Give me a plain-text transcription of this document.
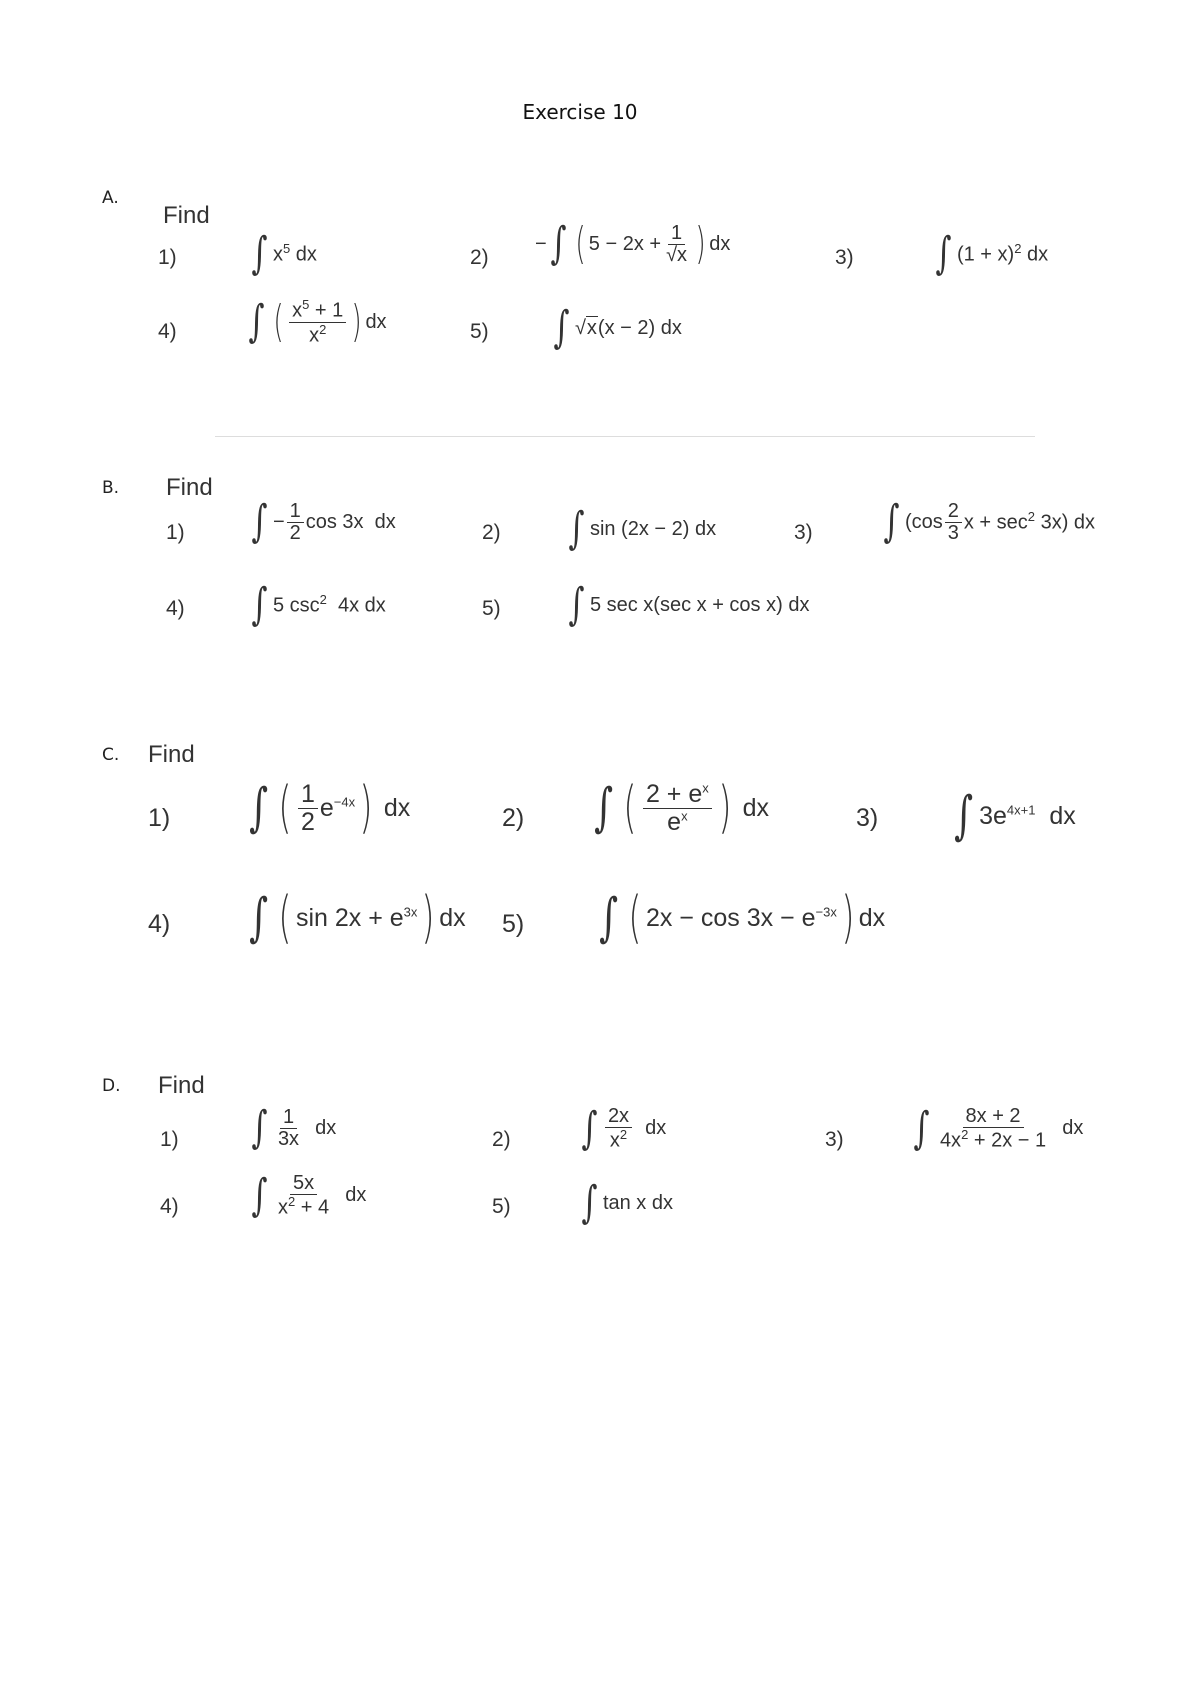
Exercise 10
A.
Find
1) ∫ $x^5$ dx	2)
− ∫ ( $5 - 2x + \frac{1}{√x}$ ) dx
3) ∫ $(1 + x)^2$ dx
4) ∫ ( $\frac{x^5 + 1}{x^2}$ ) dx	5) ∫ √ x (x − 2) dx
B. Find
1) ∫ − $\frac{1}{2}$ cos 3x  dx	2) ∫ sin (2x − 2) dx	3) ∫ ($\cos \frac{2}{3}$ $x + \sec^2 3x$) dx
4) ∫ 5 $\csc^2 4x$ dx	5) ∫ 5 sec x(sec x + cos x) dx
C. Find
1) ∫ ( $\frac{1}{2} e^{-4x}$ ) dx	2) ∫ ( $\frac{2 + e^x}{e^x}$ ) dx	3) ∫ $3e^{4x+1}$  dx
4) ∫ ( $\sin 2x + e^{3x}$ ) dx 5) ∫ ( $2x - \cos 3x - e^{-3x}$ ) dx
D. Find
1) ∫ $\frac{1}{3x}$ dx
2) ∫ $\frac{2x}{x^2}$ dx	3) ∫ $\frac{8x + 2}{4x^2 + 2x - 1}$ dx
4) ∫ $\frac{5x}{x^2 + 4}$ dx	5) ∫ tan x dx
